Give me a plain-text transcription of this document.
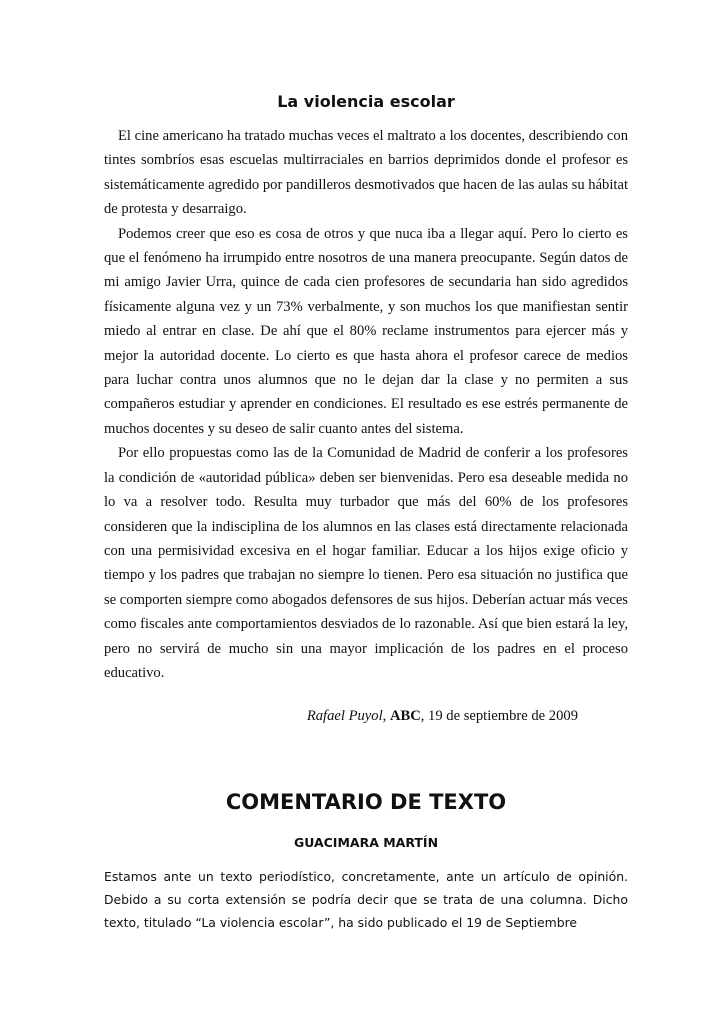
La violencia escolar

El cine americano ha tratado muchas veces el maltrato a los docentes, describiendo con tintes sombríos esas escuelas multirraciales en barrios deprimidos donde el profesor es sistemáticamente agredido por pandilleros desmotivados que hacen de las aulas su hábitat de protesta y desarraigo.

Podemos creer que eso es cosa de otros y que nuca iba a llegar aquí. Pero lo cierto es que el fenómeno ha irrumpido entre nosotros de una manera preocupante. Según datos de mi amigo Javier Urra, quince de cada cien profesores de secundaria han sido agredidos físicamente alguna vez y un 73% verbalmente, y son muchos los que manifiestan sentir miedo al entrar en clase. De ahí que el 80% reclame instrumentos para ejercer más y mejor la autoridad docente. Lo cierto es que hasta ahora el profesor carece de medios para luchar contra unos alumnos que no le dejan dar la clase y no permiten a sus compañeros estudiar y aprender en condiciones. El resultado es ese estrés permanente de muchos docentes y su deseo de salir cuanto antes del sistema.

Por ello propuestas como las de la Comunidad de Madrid de conferir a los profesores la condición de «autoridad pública» deben ser bienvenidas. Pero esa deseable medida no lo va a resolver todo. Resulta muy turbador que más del 60% de los profesores consideren que la indisciplina de los alumnos en las clases está directamente relacionada con una permisividad excesiva en el hogar familiar. Educar a los hijos exige oficio y tiempo y los padres que trabajan no siempre lo tienen. Pero esa situación no justifica que se comporten siempre como abogados defensores de sus hijos. Deberían actuar más veces como fiscales ante comportamientos desviados de lo razonable. Así que bien estará la ley, pero no servirá de mucho sin una mayor implicación de los padres en el proceso educativo.

Rafael Puyol, ABC, 19 de septiembre de 2009
COMENTARIO DE TEXTO
GUACIMARA MARTÍN

Estamos ante un texto periodístico, concretamente, ante un artículo de opinión. Debido a su corta extensión se podría decir que se trata de una columna. Dicho texto, titulado “La violencia escolar”, ha sido publicado el 19 de Septiembre
